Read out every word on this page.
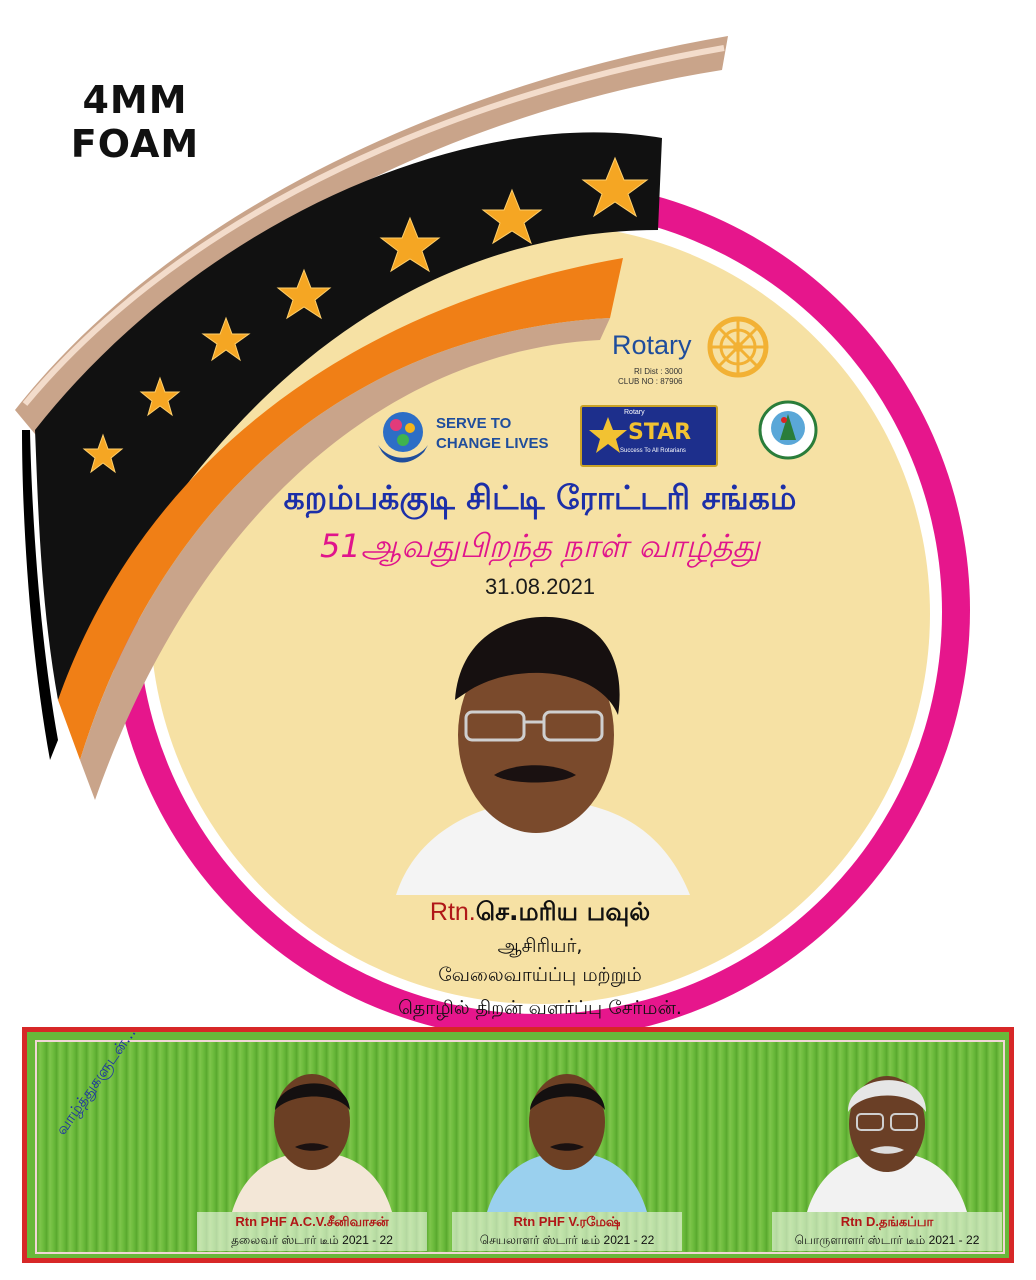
4MM
FOAM
Rotary
RI Dist : 3000
CLUB NO : 87906
SERVE TO
CHANGE LIVES
Rotary
STAR
Success To All Rotarians
கறம்பக்குடி சிட்டி ரோட்டரி சங்கம்
51ஆவதுபிறந்த நாள் வாழ்த்து
31.08.2021
Rtn.செ.மரிய பவுல்
ஆசிரியர்,
வேலைவாய்ப்பு மற்றும்
தொழில் திறன் வளர்ப்பு சேர்மன்.
Rtn PHF A.C.V.சீனிவாசன்
தலைவர் ஸ்டார் டீம் 2021 - 22
Rtn PHF V.ரமேஷ்
செயலாளர் ஸ்டார் டீம் 2021 - 22
Rtn D.தங்கப்பா
பொருளாளர் ஸ்டார் டீம் 2021 - 22
வாழ்த்துகளுடன்...
